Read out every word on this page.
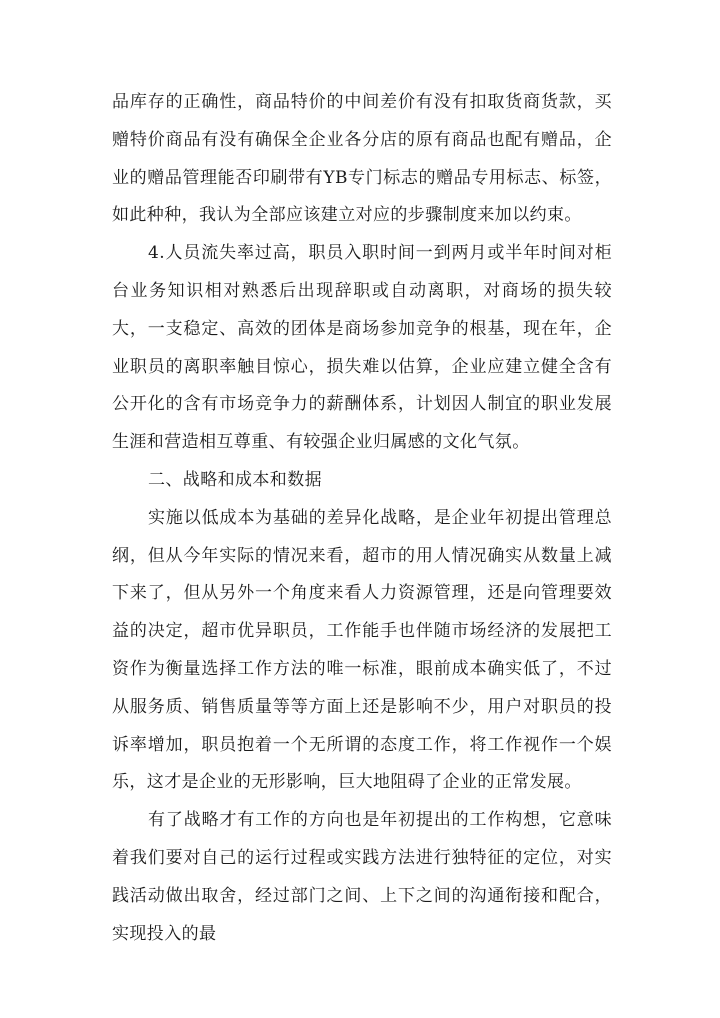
品库存的正确性，商品特价的中间差价有没有扣取货商货款，买赠特价商品有没有确保全企业各分店的原有商品也配有赠品，企业的赠品管理能否印刷带有YB专门标志的赠品专用标志、标签，如此种种，我认为全部应该建立对应的步骤制度来加以约束。

4.人员流失率过高，职员入职时间一到两月或半年时间对柜台业务知识相对熟悉后出现辞职或自动离职，对商场的损失较大，一支稳定、高效的团体是商场参加竞争的根基，现在年，企业职员的离职率触目惊心，损失难以估算，企业应建立健全含有公开化的含有市场竞争力的薪酬体系，计划因人制宜的职业发展生涯和营造相互尊重、有较强企业归属感的文化气氛。

二、战略和成本和数据

实施以低成本为基础的差异化战略，是企业年初提出管理总纲，但从今年实际的情况来看，超市的用人情况确实从数量上减下来了，但从另外一个角度来看人力资源管理，还是向管理要效益的决定，超市优异职员，工作能手也伴随市场经济的发展把工资作为衡量选择工作方法的唯一标准，眼前成本确实低了，不过从服务质、销售质量等等方面上还是影响不少，用户对职员的投诉率增加，职员抱着一个无所谓的态度工作，将工作视作一个娱乐，这才是企业的无形影响，巨大地阻碍了企业的正常发展。

有了战略才有工作的方向也是年初提出的工作构想，它意味着我们要对自己的运行过程或实践方法进行独特征的定位，对实践活动做出取舍，经过部门之间、上下之间的沟通衔接和配合，实现投入的最
